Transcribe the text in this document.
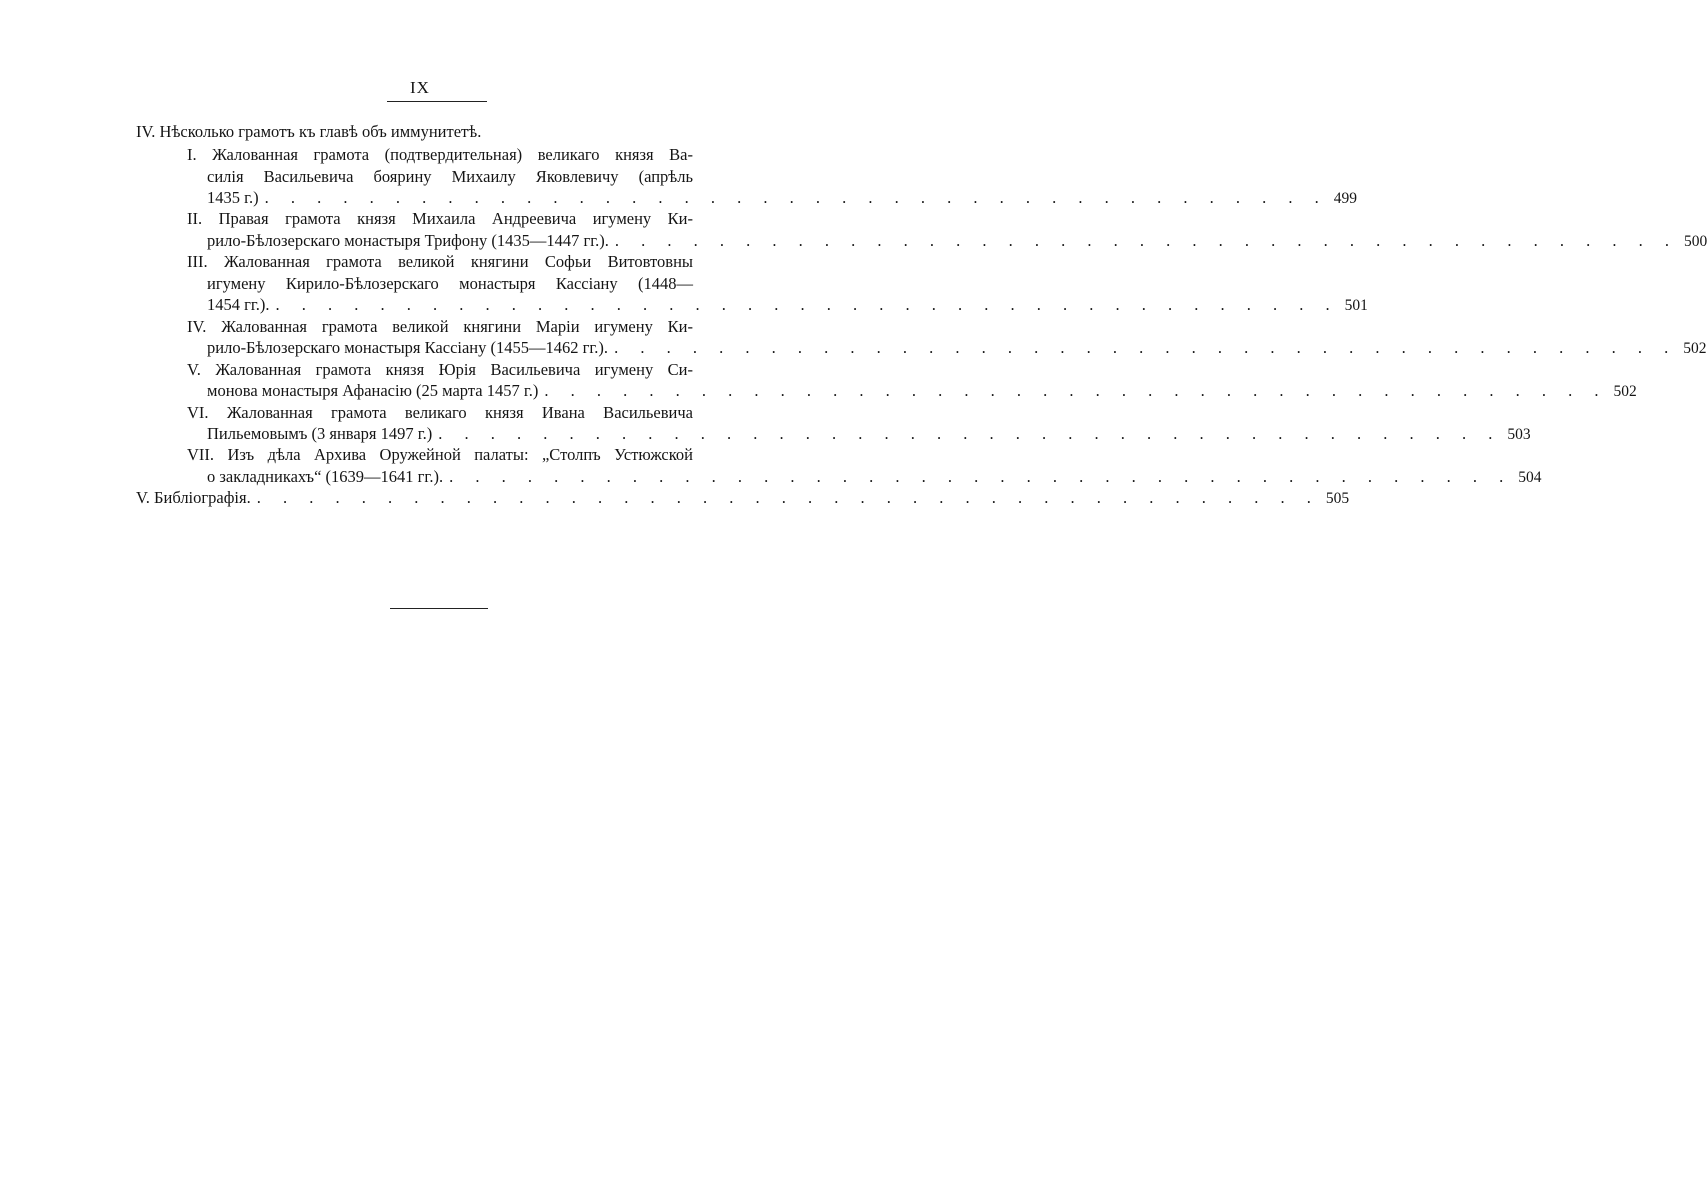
IX
IV. Нѣсколько грамотъ къ главѣ объ иммунитетѣ.
I. Жалованная грамота (подтвердительная) великаго князя Ва-
силія Васильевича боярину Михаилу Яковлевичу (апрѣль
1435 г.) . . . . . . . . . . . . . . . . . . . . . . . . . . . . . . . . . . . . . . . . . 499
II. Правая грамота князя Михаила Андреевича игумену Ки-
рило-Бѣлозерскаго монастыря Трифону (1435—1447 гг.). . . . . . . . . . . . . . . . . . . . . . . . . . . . . . . . . . . . . . . . . . 500
III. Жалованная грамота великой княгини Софьи Витовтовны
игумену Кирило-Бѣлозерскаго монастыря Кассіану (1448—
1454 гг.). . . . . . . . . . . . . . . . . . . . . . . . . . . . . . . . . . . . . . . . . . 501
IV. Жалованная грамота великой княгини Маріи игумену Ки-
рило-Бѣлозерскаго монастыря Кассіану (1455—1462 гг.). . . . . . . . . . . . . . . . . . . . . . . . . . . . . . . . . . . . . . . . . . 502
V. Жалованная грамота князя Юрія Васильевича игумену Си-
монова монастыря Афанасію (25 марта 1457 г.) . . . . . . . . . . . . . . . . . . . . . . . . . . . . . . . . . . . . . . . . . 502
VI. Жалованная грамота великаго князя Ивана Васильевича
Пильемовымъ (3 января 1497 г.) . . . . . . . . . . . . . . . . . . . . . . . . . . . . . . . . . . . . . . . . . 503
VII. Изъ дѣла Архива Оружейной палаты: „Столпъ Устюжской
о закладникахъ“ (1639—1641 гг.). . . . . . . . . . . . . . . . . . . . . . . . . . . . . . . . . . . . . . . . . . 504
V. Библіографія. . . . . . . . . . . . . . . . . . . . . . . . . . . . . . . . . . . . . . . . . . 505
